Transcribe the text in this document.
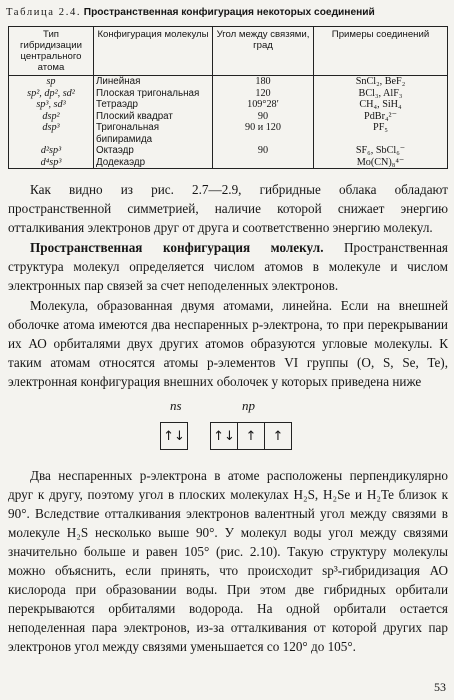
Таблица 2.4. Пространственная конфигурация некоторых соединений
Тип гибридизации центрального атома	Конфигурация молекулы	Угол между связями, град	Примеры соединений
sp	Линейная	180	SnCl₂, BeF₂
sp², dp², sd²	Плоская тригональная	120	BCl₃, AlF₃
sp³, sd³	Тетраэдр	109°28′	CH₄, SiH₄
dsp²	Плоский квадрат	90	PdBr₄²⁻
dsp³	Тригональная бипирамида	90 и 120	PF₅
d²sp³	Октаэдр	90	SF₆, SbCl₆⁻
d⁴sp³	Додекаэдр		Mo(CN)₈⁴⁻

Как видно из рис. 2.7—2.9, гибридные облака обладают пространственной симметрией, наличие которой снижает энергию отталкивания электронов друг от друга и соответственно энергию молекул.

Пространственная конфигурация молекул. Пространственная структура молекул определяется числом атомов в молекуле и числом электронных пар связей за счет неподеленных электронов.

Молекула, образованная двумя атомами, линейна. Если на внешней оболочке атома имеются два неспаренных p-электрона, то при перекрывании их АО орбиталями двух других атомов образуются угловые молекулы. К таким атомам относятся атомы p-элементов VI группы (O, S, Se, Te), электронная конфигурация внешних оболочек у которых приведена ниже

ns	np
↑↓ ↑↓ ↑	↑

Два неспаренных p-электрона в атоме расположены перпендикулярно друг к другу, поэтому угол в плоских молекулах H₂S, H₂Se и H₂Te близок к 90°. Вследствие отталкивания электронов валентный угол между связями в молекуле H₂S несколько выше 90°. У молекул воды угол между связями значительно больше и равен 105° (рис. 2.10). Такую структуру молекулы можно объяснить, если принять, что происходит sp³-гибридизация АО кислорода при образовании воды. При этом две гибридных орбитали перекрываются орбиталями водорода. На одной орбитали остается неподеленная пара электронов, из-за отталкивания от которой других пар электронов угол между связями уменьшается со 120° до 105°.

53
